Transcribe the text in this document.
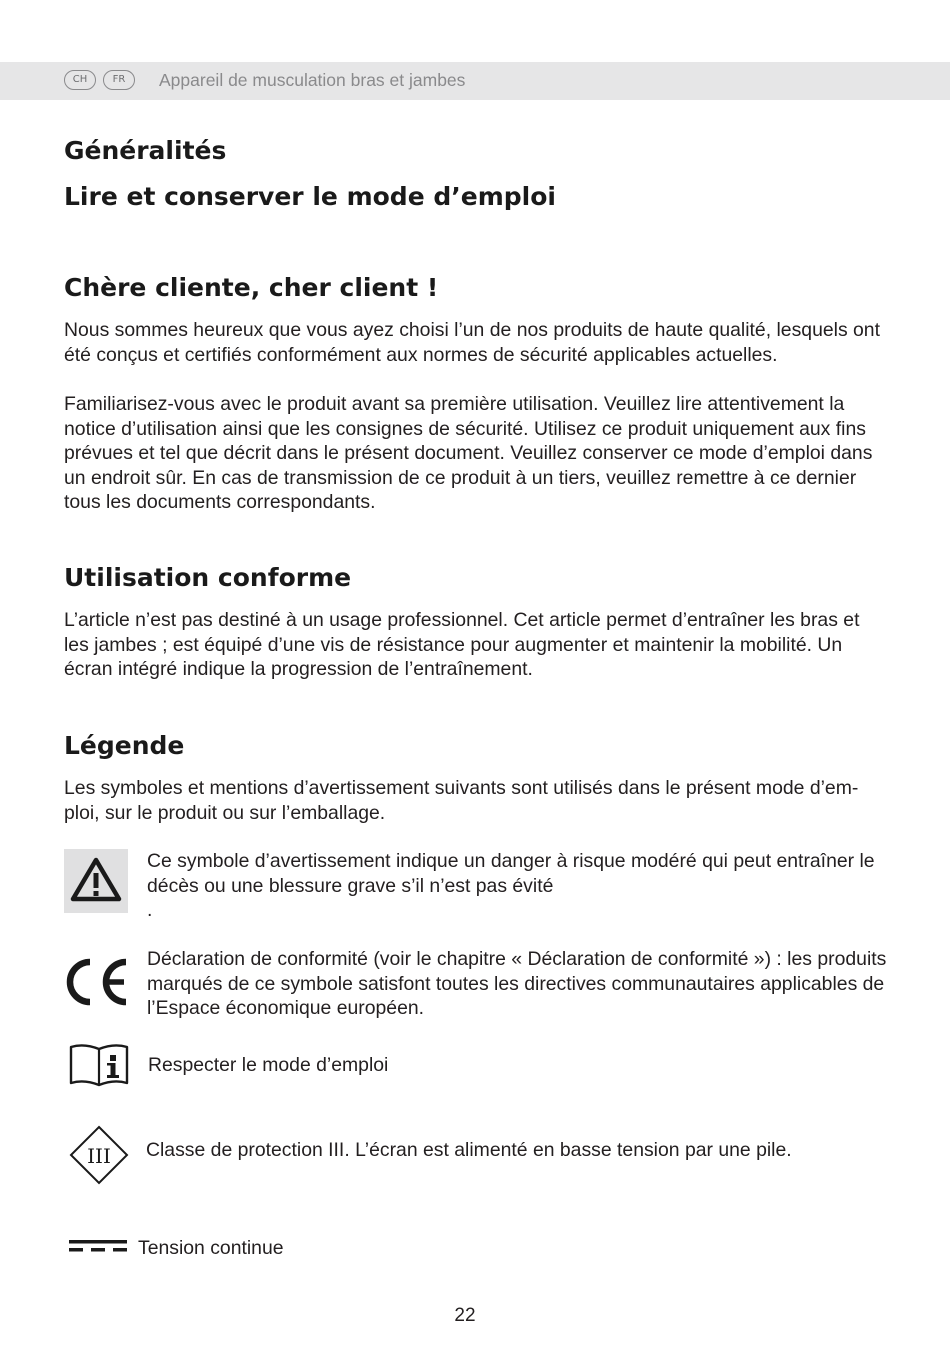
CH	FR	Appareil de musculation bras et jambes
Généralités
Lire et conserver le mode d’emploi
Chère cliente, cher client !

Nous sommes heureux que vous ayez choisi l’un de nos produits de haute qualité, lesquels ont été conçus et certifiés conformément aux normes de sécurité applicables actuelles.

Familiarisez-vous avec le produit avant sa première utilisation. Veuillez lire attentivement la notice d’utilisation ainsi que les consignes de sécurité. Utilisez ce produit uniquement aux fins prévues et tel que décrit dans le présent document. Veuillez conserver ce mode d’emploi dans un endroit sûr. En cas de transmission de ce produit à un tiers, veuillez remettre à ce dernier tous les documents correspondants.

Utilisation conforme

L’article n’est pas destiné à un usage professionnel. Cet article permet d’entraîner les bras et les jambes ; est équipé d’une vis de résistance pour augmenter et maintenir la mobilité. Un écran intégré indique la progression de l’entraînement.

Légende

Les symboles et mentions d’avertissement suivants sont utilisés dans le présent mode d’em-ploi, sur le produit ou sur l’emballage.

Ce symbole d’avertissement indique un danger à risque modéré qui peut entraîner le décès ou une blessure grave s’il n’est pas évité
.
Déclaration de conformité (voir le chapitre « Déclaration de conformité ») : les produits marqués de ce symbole satisfont toutes les directives communautaires applicables de l’Espace économique européen.
Respecter le mode d’emploi
III Classe de protection III. L’écran est alimenté en basse tension par une pile.
Tension continue
22
